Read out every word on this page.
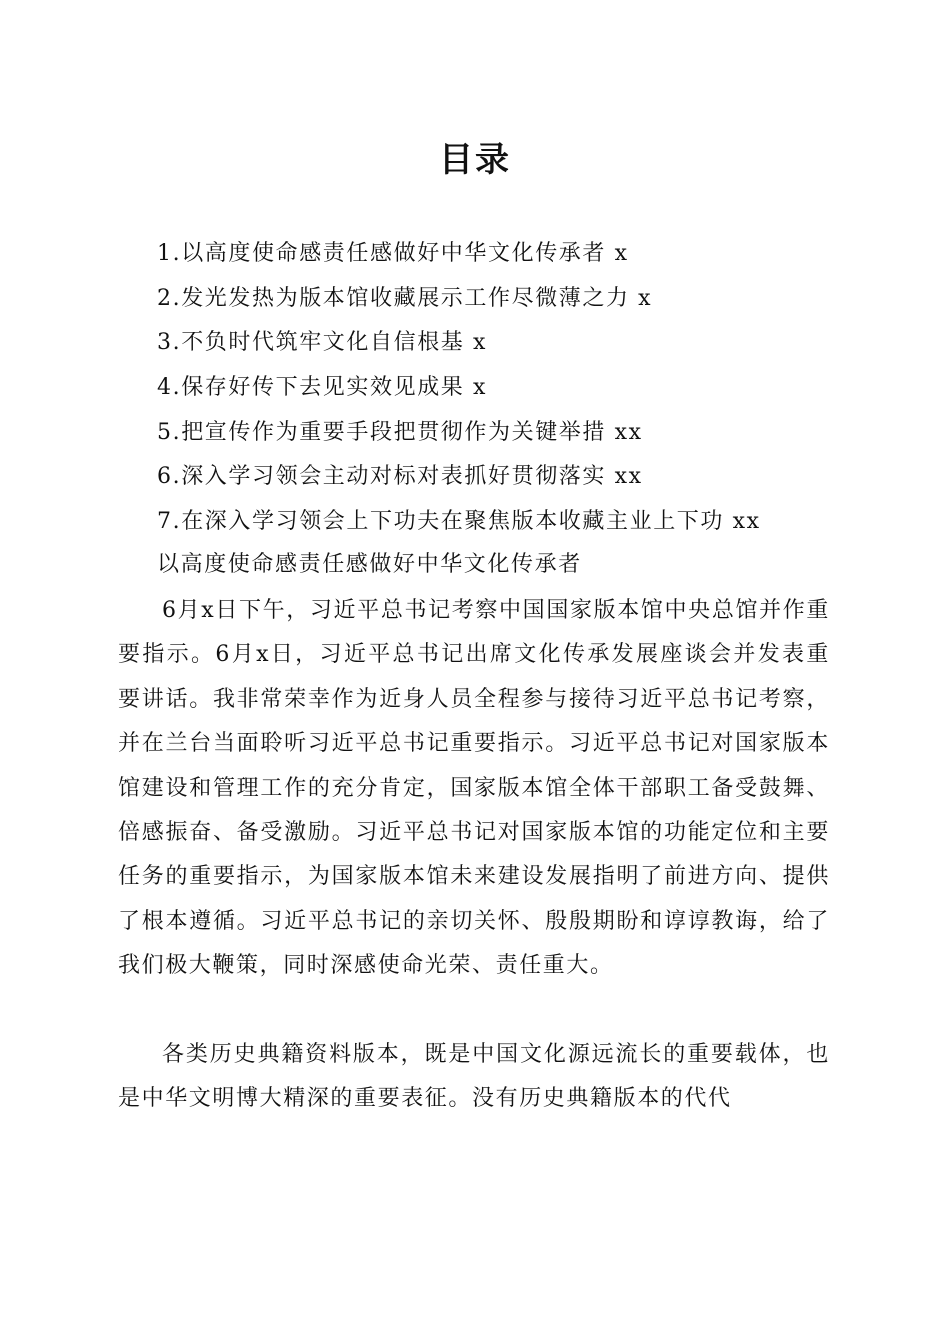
目录
1.以高度使命感责任感做好中华文化传承者 x
2.发光发热为版本馆收藏展示工作尽微薄之力 x
3.不负时代筑牢文化自信根基 x
4.保存好传下去见实效见成果 x
5.把宣传作为重要手段把贯彻作为关键举措 xx
6.深入学习领会主动对标对表抓好贯彻落实 xx
7.在深入学习领会上下功夫在聚焦版本收藏主业上下功 xx
以高度使命感责任感做好中华文化传承者

6月x日下午，习近平总书记考察中国国家版本馆中央总馆并作重要指示。6月x日，习近平总书记出席文化传承发展座谈会并发表重要讲话。我非常荣幸作为近身人员全程参与接待习近平总书记考察，并在兰台当面聆听习近平总书记重要指示。习近平总书记对国家版本馆建设和管理工作的充分肯定，国家版本馆全体干部职工备受鼓舞、倍感振奋、备受激励。习近平总书记对国家版本馆的功能定位和主要任务的重要指示，为国家版本馆未来建设发展指明了前进方向、提供了根本遵循。习近平总书记的亲切关怀、殷殷期盼和谆谆教诲，给了我们极大鞭策，同时深感使命光荣、责任重大。

各类历史典籍资料版本，既是中国文化源远流长的重要载体，也是中华文明博大精深的重要表征。没有历史典籍版本的代代
